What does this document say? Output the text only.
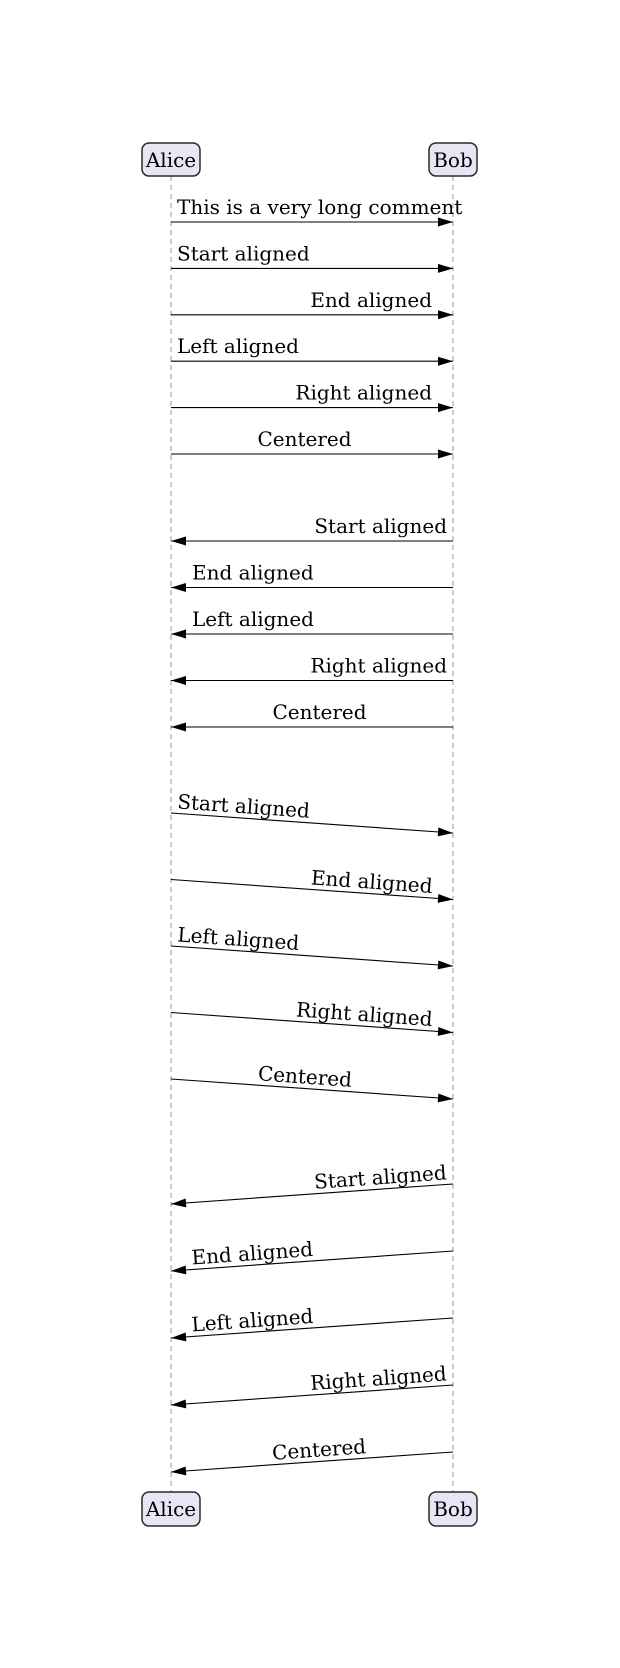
This is a very long comment
Start aligned
End aligned
Left aligned
Right aligned
Centered
Start aligned
End aligned
Left aligned
Right aligned
Centered
Start aligned
End aligned
Left aligned
Right aligned
Centered
Start aligned
End aligned
Left aligned
Right aligned
Centered
Alice	Bob
Alice	Bob
